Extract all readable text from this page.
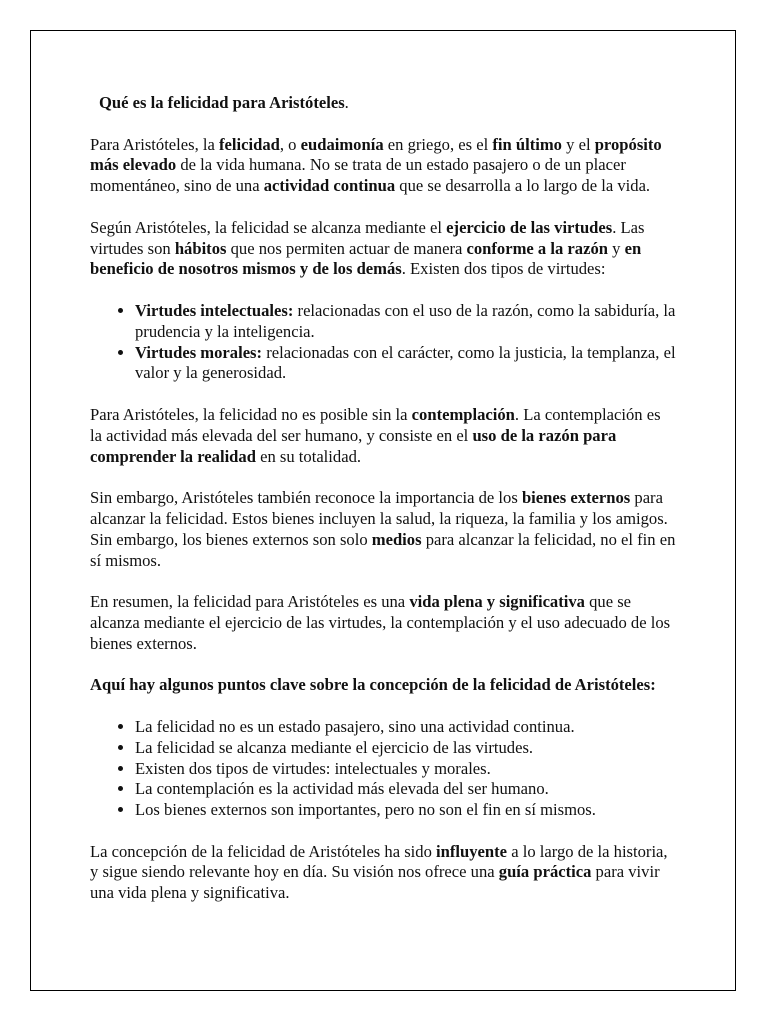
Qué es la felicidad para Aristóteles.

Para Aristóteles, la felicidad, o eudaimonía en griego, es el fin último y el propósito más elevado de la vida humana. No se trata de un estado pasajero o de un placer momentáneo, sino de una actividad continua que se desarrolla a lo largo de la vida.

Según Aristóteles, la felicidad se alcanza mediante el ejercicio de las virtudes. Las virtudes son hábitos que nos permiten actuar de manera conforme a la razón y en beneficio de nosotros mismos y de los demás. Existen dos tipos de virtudes:

• Virtudes intelectuales: relacionadas con el uso de la razón, como la sabiduría, la prudencia y la inteligencia.
• Virtudes morales: relacionadas con el carácter, como la justicia, la templanza, el valor y la generosidad.

Para Aristóteles, la felicidad no es posible sin la contemplación. La contemplación es la actividad más elevada del ser humano, y consiste en el uso de la razón para comprender la realidad en su totalidad.

Sin embargo, Aristóteles también reconoce la importancia de los bienes externos para alcanzar la felicidad. Estos bienes incluyen la salud, la riqueza, la familia y los amigos. Sin embargo, los bienes externos son solo medios para alcanzar la felicidad, no el fin en sí mismos.

En resumen, la felicidad para Aristóteles es una vida plena y significativa que se alcanza mediante el ejercicio de las virtudes, la contemplación y el uso adecuado de los bienes externos.

Aquí hay algunos puntos clave sobre la concepción de la felicidad de Aristóteles:

• La felicidad no es un estado pasajero, sino una actividad continua.
• La felicidad se alcanza mediante el ejercicio de las virtudes.
• Existen dos tipos de virtudes: intelectuales y morales.
• La contemplación es la actividad más elevada del ser humano.
• Los bienes externos son importantes, pero no son el fin en sí mismos.

La concepción de la felicidad de Aristóteles ha sido influyente a lo largo de la historia, y sigue siendo relevante hoy en día. Su visión nos ofrece una guía práctica para vivir una vida plena y significativa.
